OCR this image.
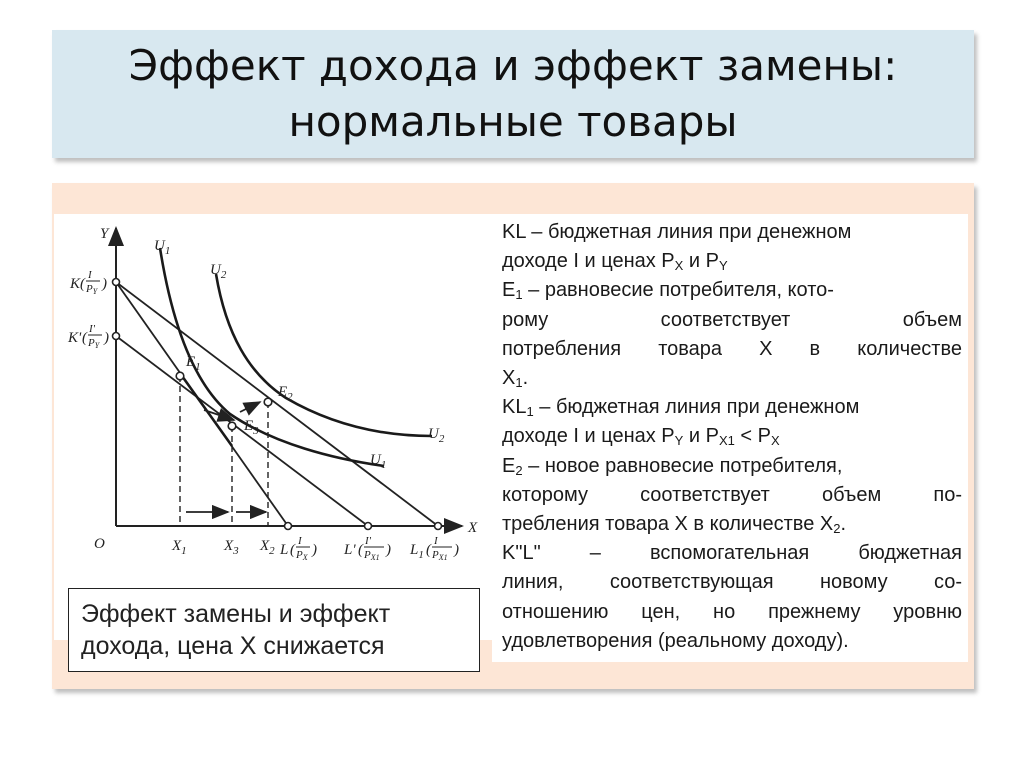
Эффект дохода и эффект замены:
нормальные товары
Y
X
O
$U_1$
$U_2$
$U_2$
$U_1$
$E_1$
$E_2$
$E_3$
K (
I
PY )
K' (
I'
PY )
$X_1$ $X_3$ $X_2$ L (
I
PX ) L' (
I'
PX1 ) $L_1$ (
I
PX1 )

KL – бюджетная линия при денежном

доходе I и ценах $P_X$ и $P_Y$

$E_1$ – равновесие потребителя, кото-

рому соответствует объем

потребления товара X в количестве

$X_1$.

$KL_1$ – бюджетная линия при денежном

доходе I и ценах $P_Y$ и $P_{X1} < P_X$

$E_2$ – новое равновесие потребителя,

которому соответствует объем по-

требления товара X в количестве $X_2$.

K"L" – вспомогательная бюджетная

линия, соответствующая новому со-

отношению цен, но прежнему уровню

удовлетворения (реальному доходу).

Эффект замены и эффект
дохода, цена X снижается
